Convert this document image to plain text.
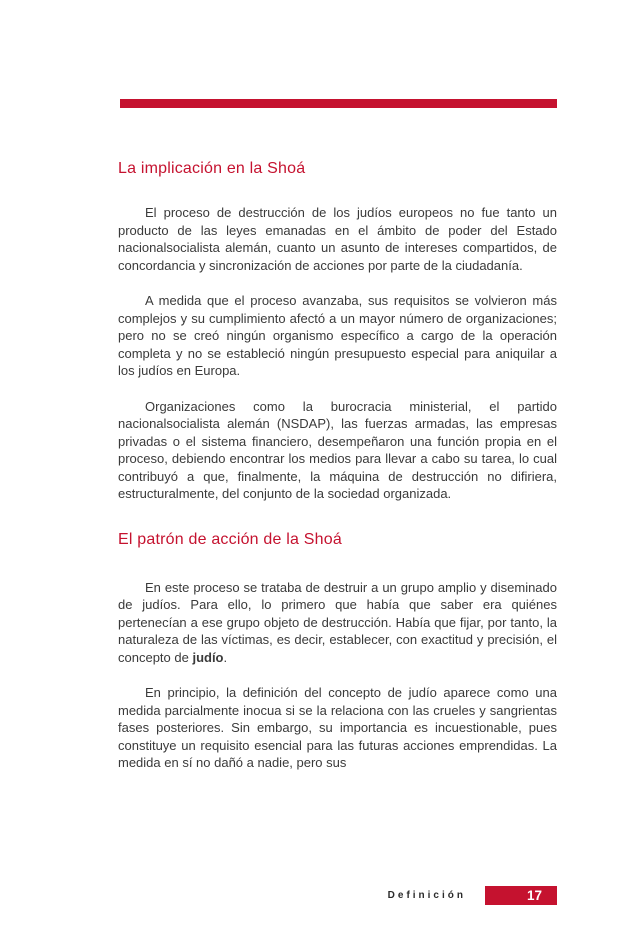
La implicación en la Shoá

El proceso de destrucción de los judíos europeos no fue tanto un producto de las leyes emanadas en el ámbito de poder del Estado nacionalsocialista alemán, cuanto un asunto de intereses compartidos, de concordancia y sincronización de acciones por parte de la ciudadanía.

A medida que el proceso avanzaba, sus requisitos se volvieron más complejos y su cumplimiento afectó a un mayor número de organizaciones; pero no se creó ningún organismo específico a cargo de la operación completa y no se estableció ningún presupuesto especial para aniquilar a los judíos en Europa.

Organizaciones como la burocracia ministerial, el partido nacionalsocialista alemán (NSDAP), las fuerzas armadas, las empresas privadas o el sistema financiero, desempeñaron una función propia en el proceso, debiendo encontrar los medios para llevar a cabo su tarea, lo cual contribuyó a que, finalmente, la máquina de destrucción no difiriera, estructuralmente, del conjunto de la sociedad organizada.

El patrón de acción de la Shoá

En este proceso se trataba de destruir a un grupo amplio y diseminado de judíos. Para ello, lo primero que había que saber era quiénes pertenecían a ese grupo objeto de destrucción. Había que fijar, por tanto, la naturaleza de las víctimas, es decir, establecer, con exactitud y precisión, el concepto de judío.

En principio, la definición del concepto de judío aparece como una medida parcialmente inocua si se la relaciona con las crueles y sangrientas fases posteriores. Sin embargo, su importancia es incuestionable, pues constituye un requisito esencial para las futuras acciones emprendidas. La medida en sí no dañó a nadie, pero sus

Definición	17
